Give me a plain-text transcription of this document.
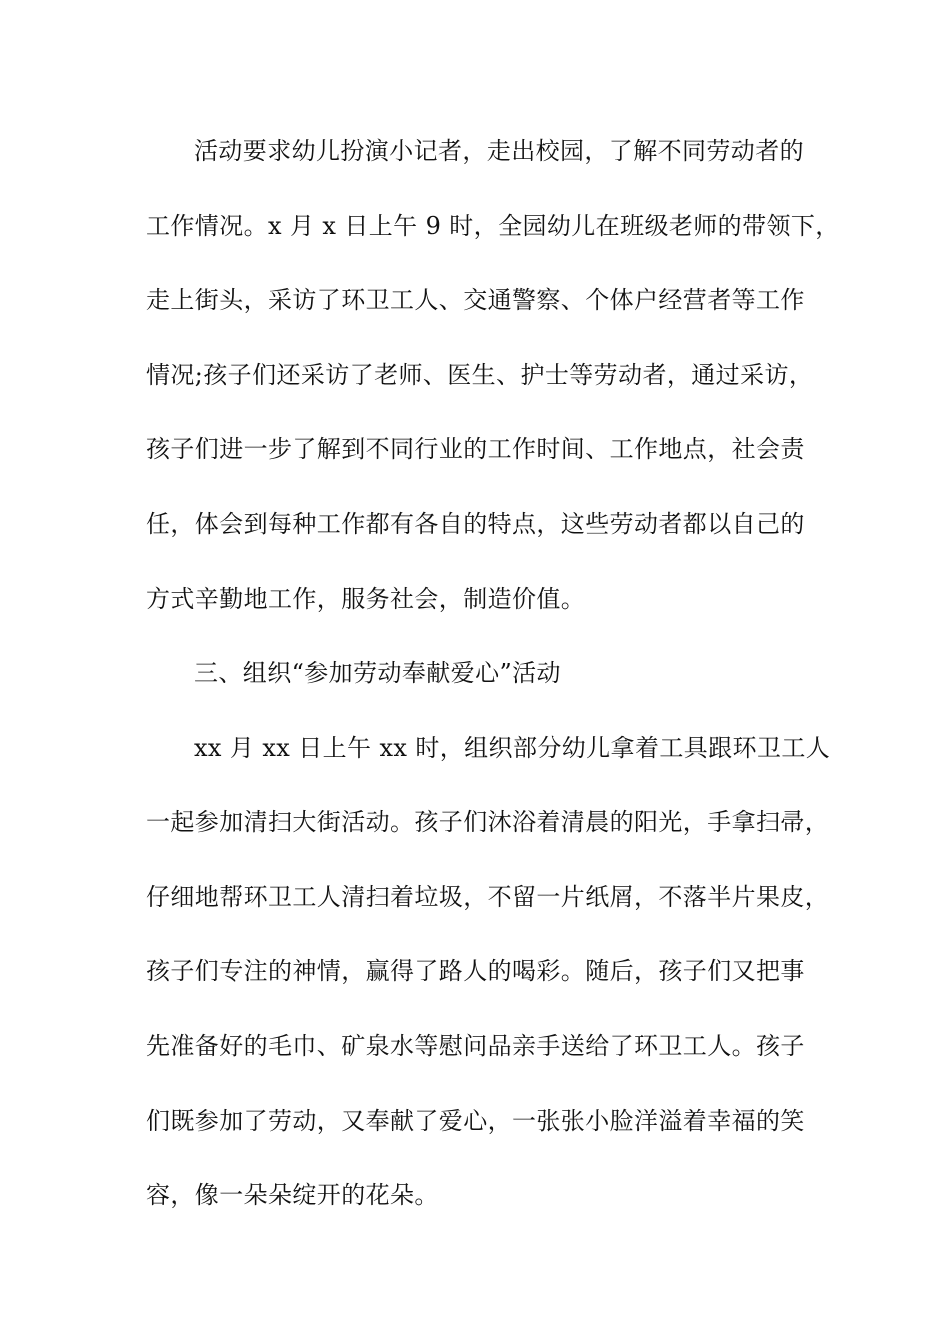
活动要求幼儿扮演小记者，走出校园，了解不同劳动者的
工作情况。x 月 x 日上午 9 时，全园幼儿在班级老师的带领下，
走上街头，采访了环卫工人、交通警察、个体户经营者等工作
情况;孩子们还采访了老师、医生、护士等劳动者，通过采访，
孩子们进一步了解到不同行业的工作时间、工作地点，社会责
任，体会到每种工作都有各自的特点，这些劳动者都以自己的
方式辛勤地工作，服务社会，制造价值。
三、组织“参加劳动奉献爱心”活动
xx 月 xx 日上午 xx 时，组织部分幼儿拿着工具跟环卫工人
一起参加清扫大街活动。孩子们沐浴着清晨的阳光，手拿扫帚，
仔细地帮环卫工人清扫着垃圾，不留一片纸屑，不落半片果皮，
孩子们专注的神情，赢得了路人的喝彩。随后，孩子们又把事
先准备好的毛巾、矿泉水等慰问品亲手送给了环卫工人。孩子
们既参加了劳动，又奉献了爱心，一张张小脸洋溢着幸福的笑
容，像一朵朵绽开的花朵。
